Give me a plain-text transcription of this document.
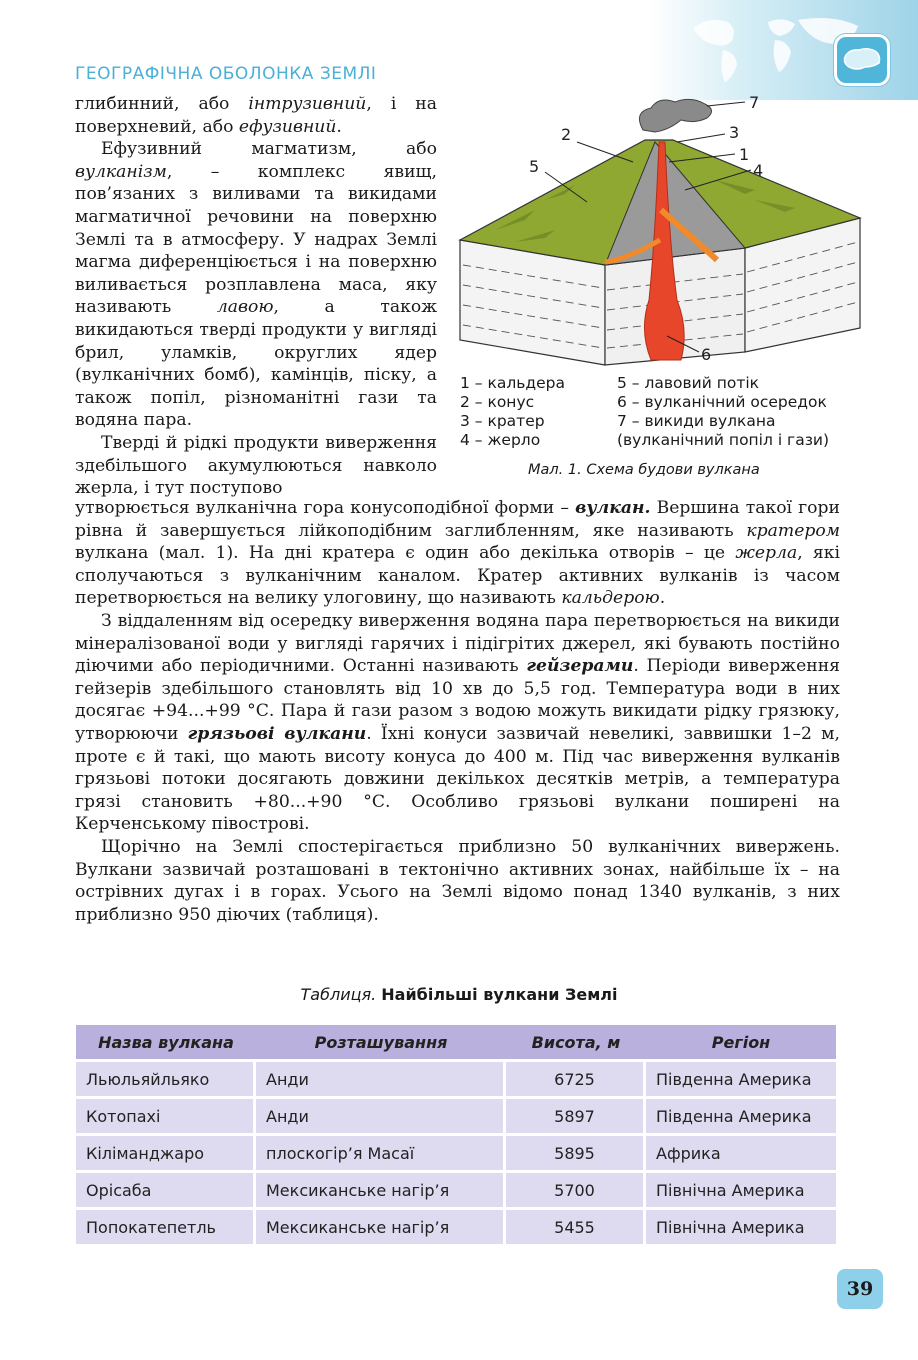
ГЕОГРАФІЧНА ОБОЛОНКА ЗЕМЛІ

глибинний, або інтрузивний, і на поверхневий, або ефузивний.

Ефузивний магматизм, або вулканізм, – комплекс явищ, пов’язаних з виливами та викидами магматичної речовини на поверхню Землі та в атмосферу. У надрах Землі магма диференціюється і на поверхню виливається розплавлена маса, яку називають лавою, а також викидаються тверді продукти у вигляді брил, уламків, округлих ядер (вулканічних бомб), камінців, піску, а також попіл, різноманітні гази та водяна пара.

Тверді й рідкі продукти виверження здебільшого акумулюються навколо жерла, і тут поступово

7
2	3
1
4
5
6
1 – кальдера
2 – конус
3 – кратер
4 – жерло
5 – лавовий потік
6 – вулканічний осередок
7 – викиди вулкана
(вулканічний попіл і гази)
Мал. 1. Схема будови вулкана

утворюється вулканічна гора конусоподібної форми – вулкан. Вершина такої гори рівна й завершується лійкоподібним заглибленням, яке називають кратером вулкана (мал. 1). На дні кратера є один або декілька отворів – це жерла, які сполучаються з вулканічним каналом. Кратер активних вулканів із часом перетворюється на велику улоговину, що називають кальдерою.

З віддаленням від осередку виверження водяна пара перетворюється на викиди мінералізованої води у вигляді гарячих і підігрітих джерел, які бувають постійно діючими або періодичними. Останні називають гейзерами. Періоди виверження гейзерів здебільшого становлять від 10 хв до 5,5 год. Температура води в них досягає +94...+99 °С. Пара й гази разом з водою можуть викидати рідку грязюку, утворюючи грязьові вулкани. Їхні конуси зазвичай невеликі, заввишки 1–2 м, проте є й такі, що мають висоту конуса до 400 м. Під час виверження вулканів грязьові потоки досягають довжини декількох десятків метрів, а температура грязі становить +80...+90 °С. Особливо грязьові вулкани поширені на Керченському півострові.

Щорічно на Землі спостерігається приблизно 50 вулканічних вивержень. Вулкани зазвичай розташовані в тектонічно активних зонах, найбільше їх – на острівних дугах і в горах. Усього на Землі відомо понад 1340 вулканів, з них приблизно 950 діючих (таблиця).

Таблиця. Найбільші вулкани Землі
Назва вулкана	Розташування	Висота, м	Регіон
Льюльяйльяко	Анди	6725	Південна Америка
Котопахі	Анди	5897	Південна Америка
Кіліманджаро	плоскогір’я Масаї	5895	Африка
Орісаба	Мексиканське нагір’я	5700	Північна Америка
Попокатепетль	Мексиканське нагір’я	5455	Північна Америка
39
